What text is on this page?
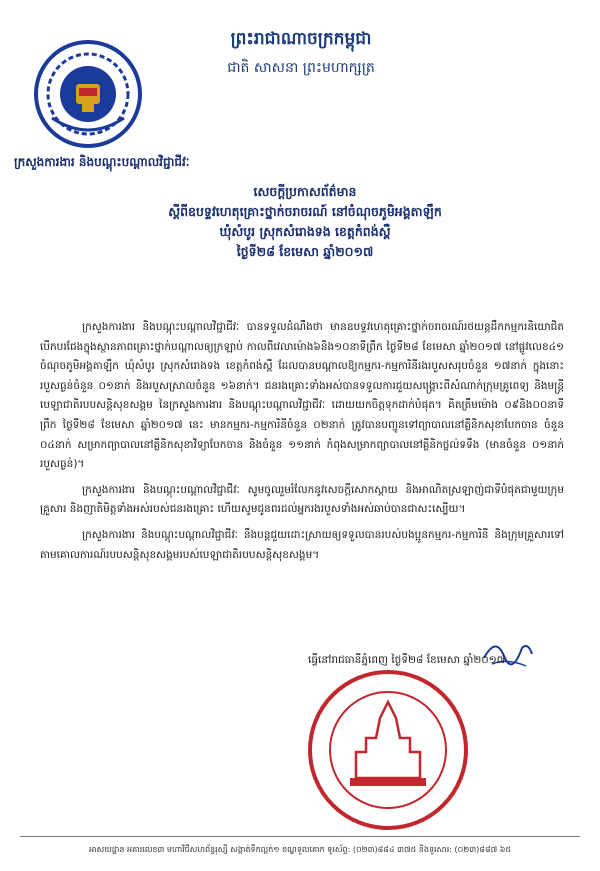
ព្រះរាជាណាចក្រកម្ពុជា
ជាតិ សាសនា ព្រះមហាក្សត្រ
ក្រសួងការងារ និងបណ្តុះបណ្តាលវិជ្ជាជីវៈ
សេចក្តីប្រកាសព័ត៌មាន
ស្តីពីឧបទ្ទវហេតុគ្រោះថ្នាក់ចរាចរណ៍ នៅចំណុចភូមិអង្គតាឡឹក
ឃុំសំបូរ ស្រុកសំរោងទង ខេត្តកំពង់ស្ពឺ
ថ្ងៃទី២៨ ខែមេសា ឆ្នាំ២០១៧

ក្រសួងការងារ និងបណ្តុះបណ្តាលវិជ្ជាជីវៈ បានទទួលដំណឹងថា មានឧបទ្ទវហេតុគ្រោះថ្នាក់ចរាចរណ៍រថយន្តដឹកកម្មករនិយោជិតបើកបរជែងក្នុងស្ថានភាពគ្រោះថ្នាក់បណ្តាលឲ្យក្រឡាប់ កាលពីវេលាម៉ោង៦និង១០នាទីព្រឹក ថ្ងៃទី២៨ ខែមេសា ឆ្នាំ២០១៧ នៅផ្លូវលេខ៤១ ចំណុចភូមិអង្គតាឡឹក ឃុំសំបូរ ស្រុកសំរោងទង ខេត្តកំពង់ស្ពឺ ដែលបានបណ្តាលឱ្យកម្មករ-កម្មការិនីរងរបួសសរុបចំនួន ១៧នាក់ ក្នុងនោះរបួសធ្ងន់ចំនួន ០១នាក់ និងរបួសស្រាលចំនួន ១៦នាក់។ ជនរងគ្រោះទាំងអស់បានទទួលការជួយសង្គ្រោះពីសំណាក់ក្រុមគ្រូពេទ្យ និងមន្ត្រីបេឡាជាតិរបបសន្តិសុខសង្គម នៃក្រសួងការងារ និងបណ្តុះបណ្តាលវិជ្ជាជីវៈ ដោយយកចិត្តទុកដាក់បំផុត។ គិតត្រឹមម៉ោង ០៩និង០០នាទីព្រឹក ថ្ងៃទី២៨ ខែមេសា ឆ្នាំ២០១៧ នេះ មានកម្មករ-កម្មការិនីចំនួន ០២នាក់ ត្រូវបានបញ្ជូនទៅព្យាបាលនៅគ្លីនិកសុខាបែកចាន ចំនួន ០៤នាក់ សម្រាកព្យាបាលនៅគ្លីនិកសុខាវិទ្យាបែកចាន និងចំនួន ១១នាក់ កំពុងសម្រាកព្យាបាលនៅគ្លីនិកថ្លល់ទទឹង (មានចំនួន ០១នាក់របួសធ្ងន់)។

ក្រសួងការងារ និងបណ្តុះបណ្តាលវិជ្ជាជីវៈ សូមចូលរួមរំលែកនូវសេចក្តីសោកស្តាយ និងអាណិតស្រឡាញ់ជាទីបំផុតជាមួយក្រុមគ្រួសារ និងញាតិមិត្តទាំងអស់របស់ជនរងគ្រោះ ហើយសូមជូនពរដល់អ្នករងរបួសទាំងអស់ឆាប់បានជាសះស្បើយ។

ក្រសួងការងារ និងបណ្តុះបណ្តាលវិជ្ជាជីវៈ នឹងបន្តជួយដោះស្រាយឲ្យទទួលបានរបស់បងប្អូនកម្មករ-កម្មការិនី និងក្រុមគ្រួសារទៅតាមគោលការណ៍របបសន្តិសុខសង្គមរបស់បេឡាជាតិរបបសន្តិសុខសង្គម។

ធ្វើនៅរាជធានីភ្នំពេញ ថ្ងៃទី២៨ ខែមេសា ឆ្នាំ២០១៧
អាសយដ្ឋាន អគារលេខ៣ មហាវិថីសហព័ន្ធរុស្សី សង្កាត់ទឹកល្អក់១ ខណ្ឌទួលគោក ទូរស័ព្ទ: (០២៣)៨៨៤ ៣៧៥ និងទូរសារ: (០២៣)៨៨៧ ៦៥
